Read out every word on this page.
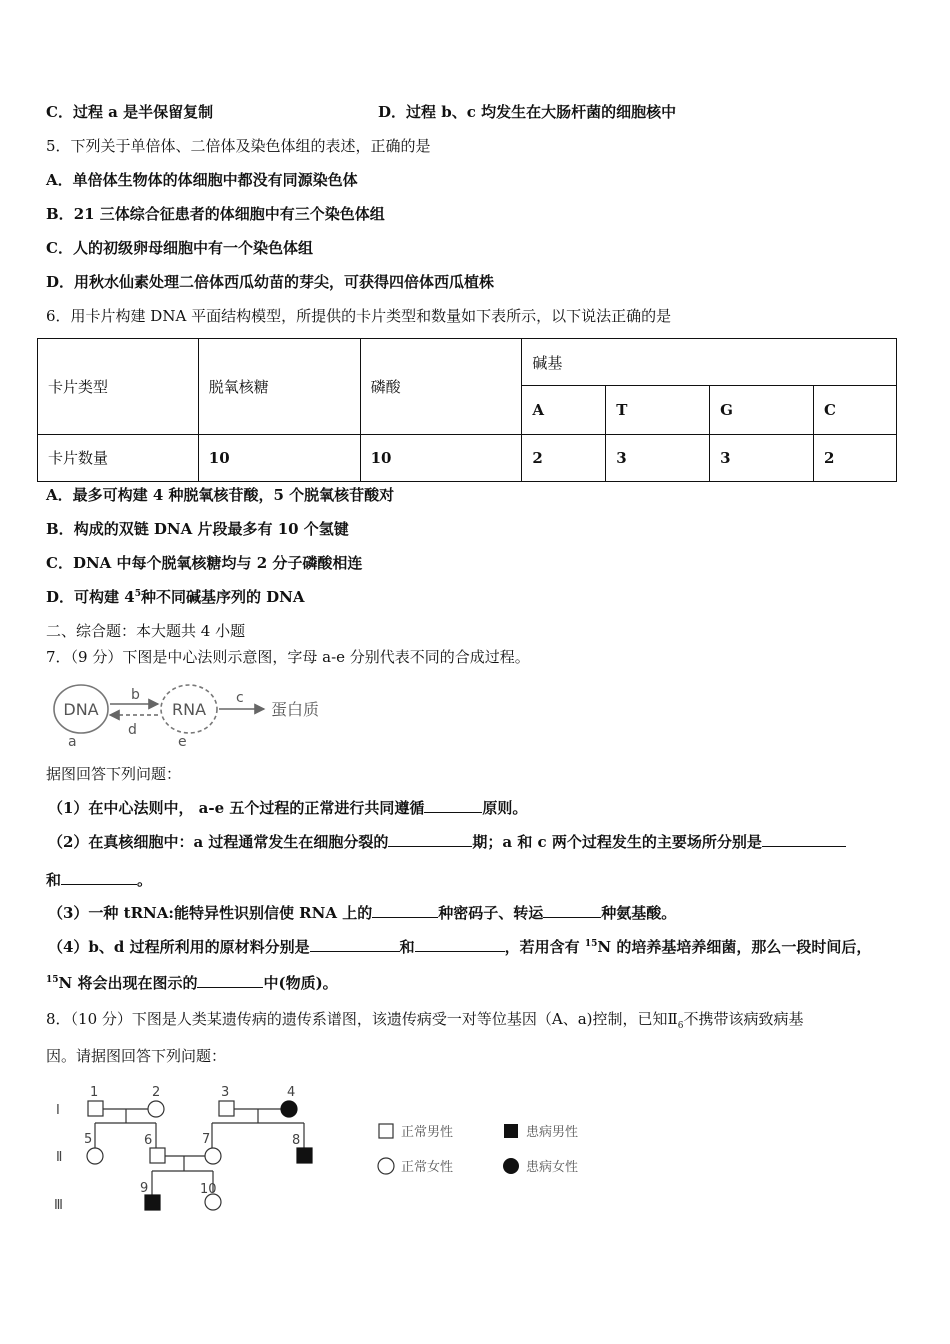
C．过程 a 是半保留复制	D．过程 b、c 均发生在大肠杆菌的细胞核中
5．下列关于单倍体、二倍体及染色体组的表述，正确的是
A．单倍体生物体的体细胞中都没有同源染色体
B．21 三体综合征患者的体细胞中有三个染色体组
C．人的初级卵母细胞中有一个染色体组
D．用秋水仙素处理二倍体西瓜幼苗的芽尖，可获得四倍体西瓜植株
6．用卡片构建 DNA 平面结构模型，所提供的卡片类型和数量如下表所示，以下说法正确的是
卡片类型	脱氧核糖	磷酸	碱基			
			A	T	G	C
卡片数量	10	10	2	3	3	2
A．最多可构建 4 种脱氧核苷酸，5 个脱氧核苷酸对
B．构成的双链 DNA 片段最多有 10 个氢键
C．DNA 中每个脱氧核糖均与 2 分子磷酸相连
D．可构建 $4^5$种不同碱基序列的 DNA
二、综合题：本大题共 4 小题
7．（9 分）下图是中心法则示意图，字母 a-e 分别代表不同的合成过程。
DNA	RNA	蛋白质
b
d
c
a	e
据图回答下列问题：
（1）在中心法则中， a-e 五个过程的正常进行共同遵循	原则。
（2）在真核细胞中：a 过程通常发生在细胞分裂的	期；a 和 c 两个过程发生的主要场所分别是
和	。
（3）一种 tRNA:能特异性识别信使 RNA 上的	种密码子、转运	种氨基酸。
（4）b、d 过程所利用的原材料分别是	和	，若用含有 $^{15}$N 的培养基培养细菌，那么一段时间后，
$^{15}$N 将会出现在图示的	中(物质)。
8．（10 分）下图是人类某遗传病的遗传系谱图，该遗传病受一对等位基因（A、a)控制，已知$Ⅱ_6$不携带该病致病基
因。请据图回答下列问题：
Ⅰ
Ⅱ
Ⅲ
1	2	3	4
5	6	7	8
9	10
正常男性	患病男性
正常女性	患病女性
